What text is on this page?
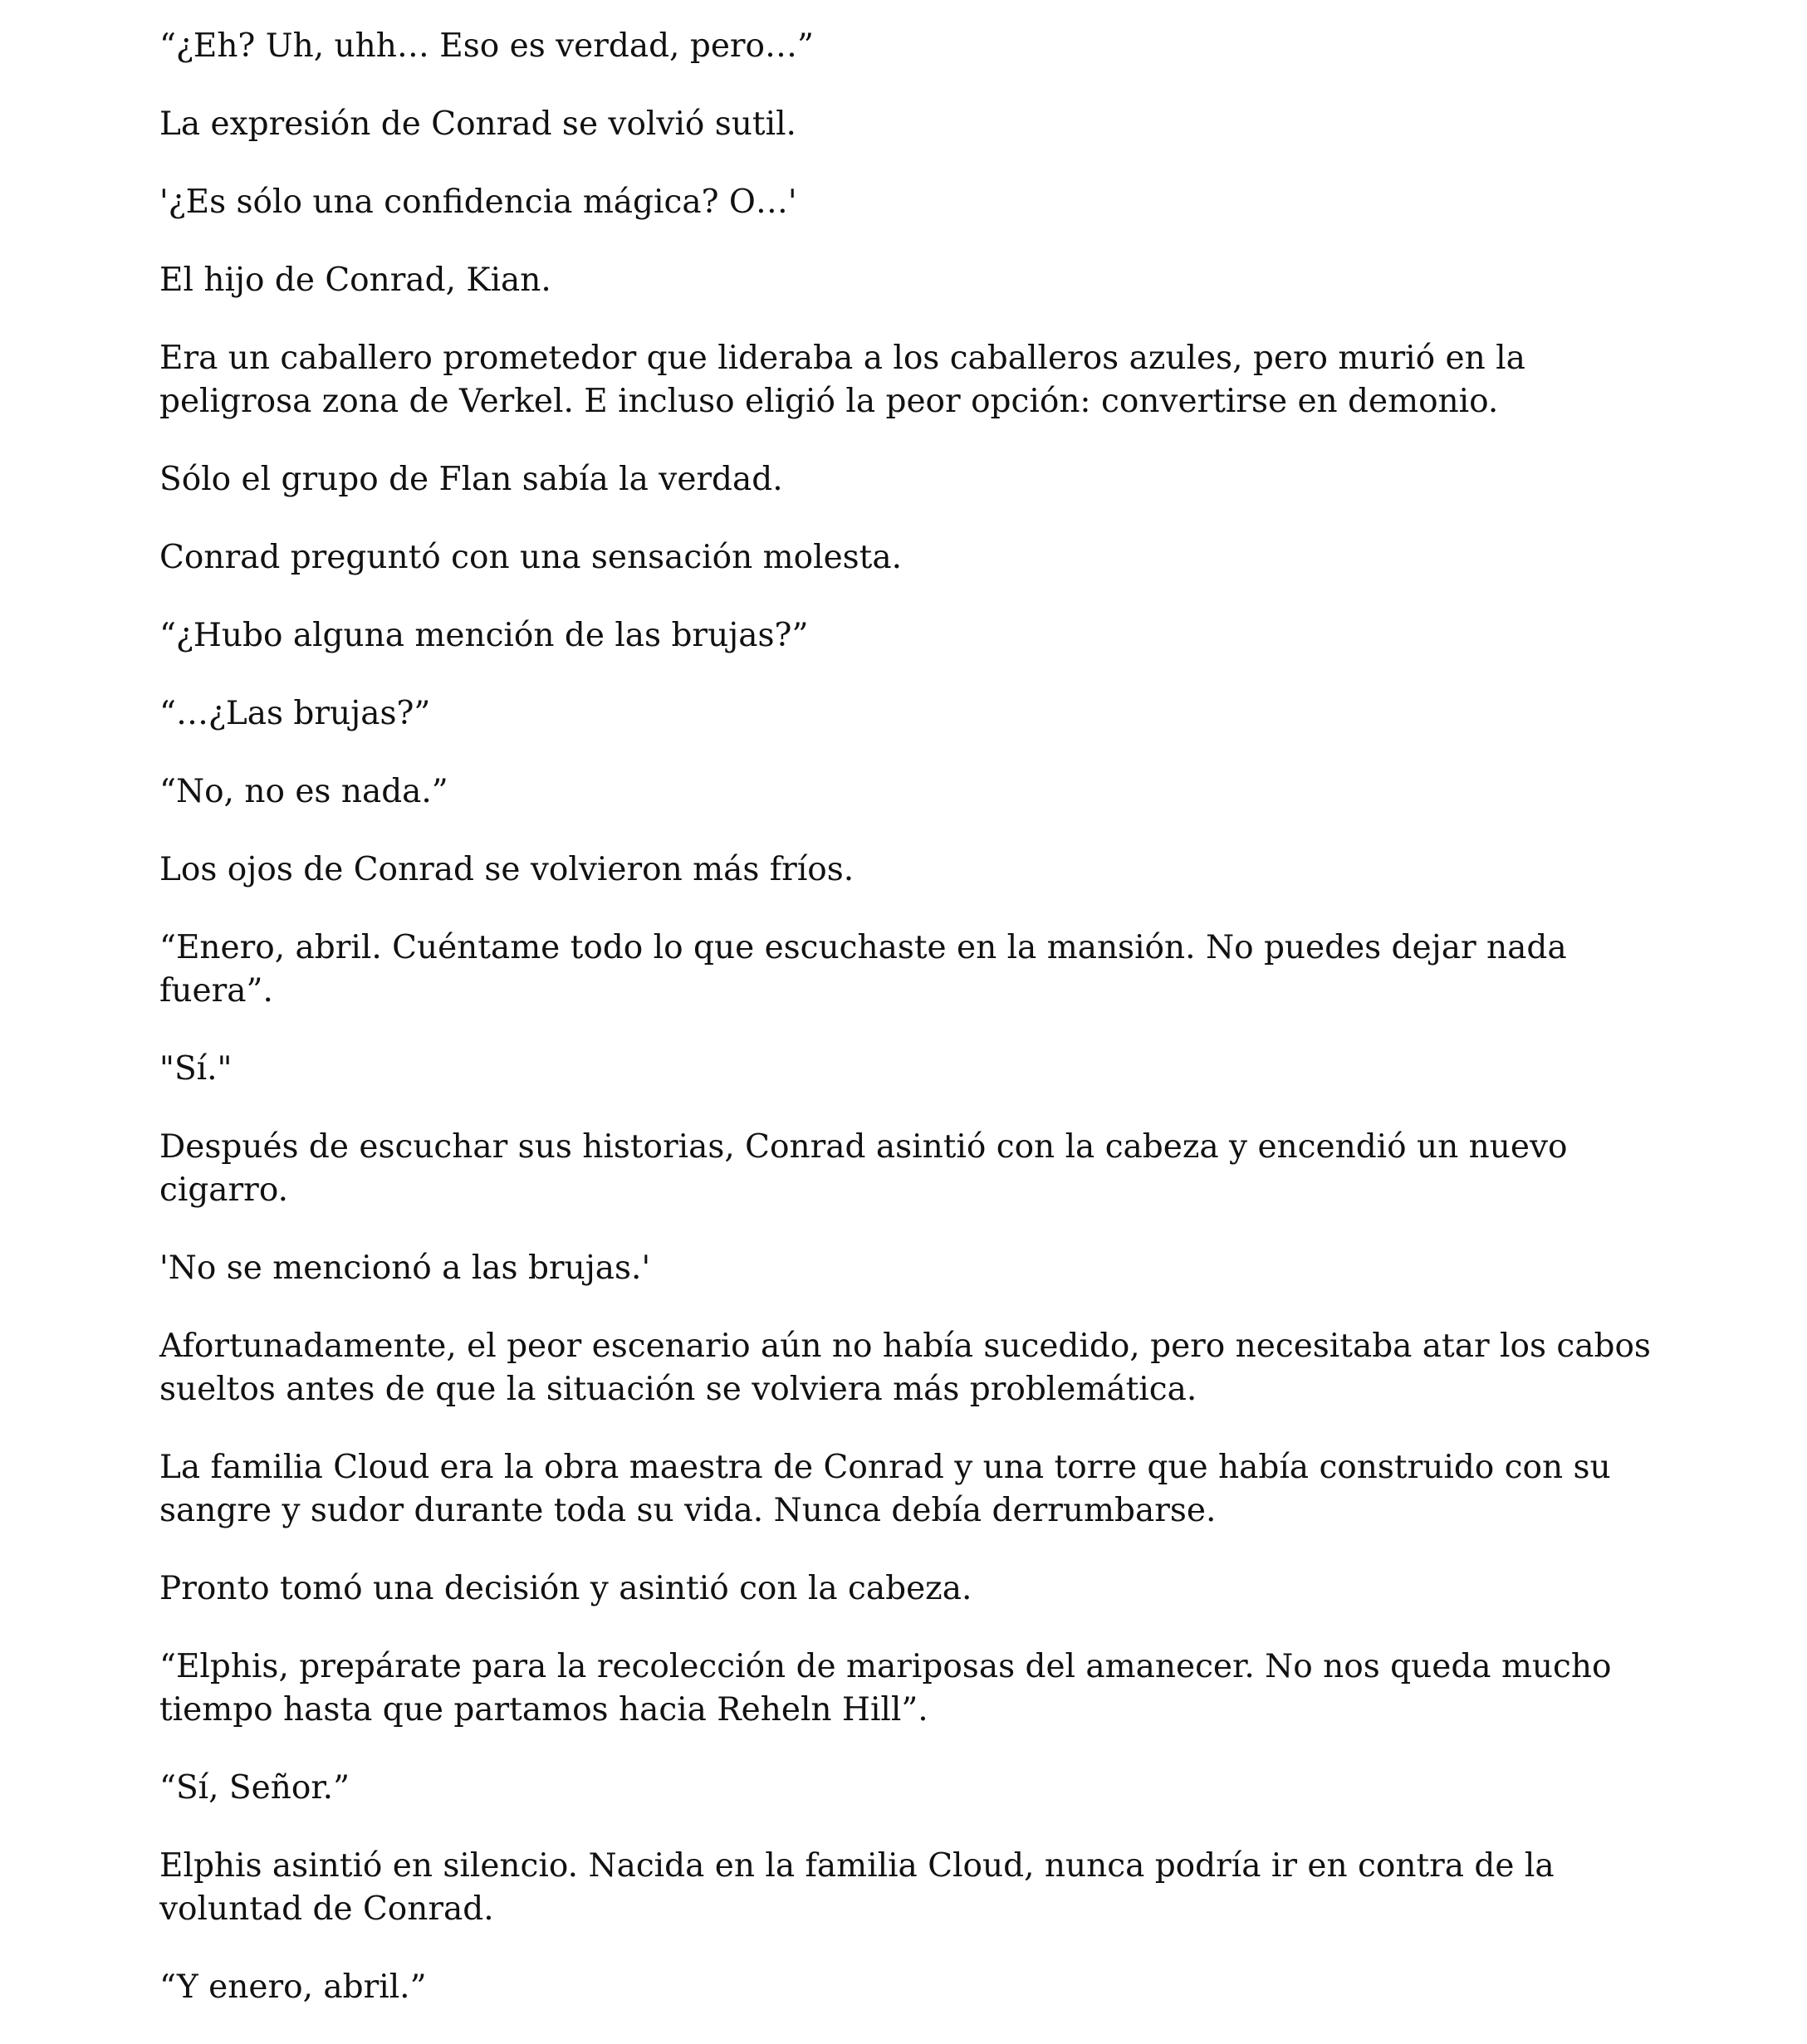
“¿Eh? Uh, uhh… Eso es verdad, pero…”

La expresión de Conrad se volvió sutil.

'¿Es sólo una confidencia mágica? O…'

El hijo de Conrad, Kian.

Era un caballero prometedor que lideraba a los caballeros azules, pero murió en la peligrosa zona de Verkel. E incluso eligió la peor opción: convertirse en demonio.

Sólo el grupo de Flan sabía la verdad.

Conrad preguntó con una sensación molesta.

“¿Hubo alguna mención de las brujas?”

“…¿Las brujas?”

“No, no es nada.”

Los ojos de Conrad se volvieron más fríos.

“Enero, abril. Cuéntame todo lo que escuchaste en la mansión. No puedes dejar nada fuera”.

"Sí."

Después de escuchar sus historias, Conrad asintió con la cabeza y encendió un nuevo cigarro.

'No se mencionó a las brujas.'

Afortunadamente, el peor escenario aún no había sucedido, pero necesitaba atar los cabos sueltos antes de que la situación se volviera más problemática.

La familia Cloud era la obra maestra de Conrad y una torre que había construido con su sangre y sudor durante toda su vida. Nunca debía derrumbarse.

Pronto tomó una decisión y asintió con la cabeza.

“Elphis, prepárate para la recolección de mariposas del amanecer. No nos queda mucho tiempo hasta que partamos hacia Reheln Hill”.

“Sí, Señor.”

Elphis asintió en silencio. Nacida en la familia Cloud, nunca podría ir en contra de la voluntad de Conrad.

“Y enero, abril.”
